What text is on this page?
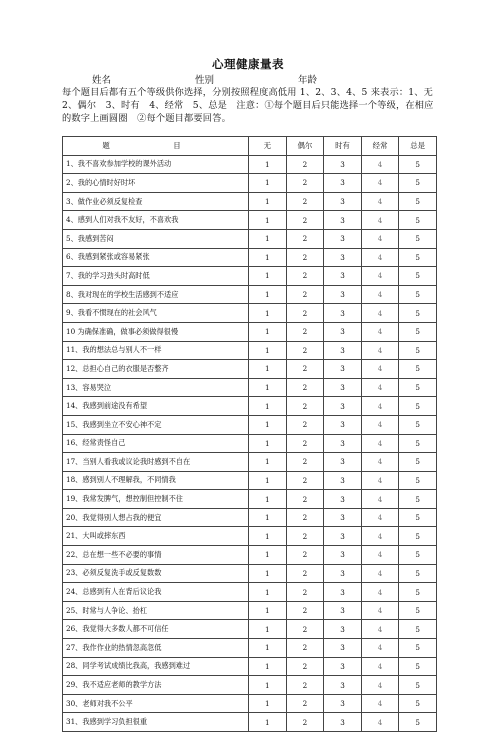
心理健康量表
姓名	性别	年龄
每个题目后都有五个等级供你选择，分别按照程度高低用 1、2、3、4、5 来表示：1、无　2、偶尔　3、时有　4、经常　5、总是　注意：①每个题目后只能选择一个等级，在相应的数字上画圆圈　②每个题目都要回答。
题　目	无	偶尔	时有	经常	总是
1、我不喜欢参加学校的课外活动	1	2	3	4	5
2、我的心情时好时坏	1	2	3	4	5
3、做作业必须反复检查	1	2	3	4	5
4、感到人们对我不友好，不喜欢我	1	2	3	4	5
5、我感到苦闷	1	2	3	4	5
6、我感到紧张或容易紧张	1	2	3	4	5
7、我的学习劲头时高时低	1	2	3	4	5
8、我对现在的学校生活感到不适应	1	2	3	4	5
9、我看不惯现在的社会风气	1	2	3	4	5
10 为确保准确，做事必须做得很慢	1	2	3	4	5
11、我的想法总与别人不一样	1	2	3	4	5
12、总担心自己的衣服是否整齐	1	2	3	4	5
13、容易哭泣	1	2	3	4	5
14、我感到前途没有希望	1	2	3	4	5
15、我感到坐立不安心神不定	1	2	3	4	5
16、经常责怪自己	1	2	3	4	5
17、当别人看我或议论我时感到不自在	1	2	3	4	5
18、感到别人不理解我，不同情我	1	2	3	4	5
19、我常发脾气，想控制但控制不住	1	2	3	4	5
20、我觉得别人想占我的便宜	1	2	3	4	5
21、大叫或摔东西	1	2	3	4	5
22、总在想一些不必要的事情	1	2	3	4	5
23、必须反复洗手或反复数数	1	2	3	4	5
24、总感到有人在背后议论我	1	2	3	4	5
25、时常与人争论、抬杠	1	2	3	4	5
26、我觉得大多数人都不可信任	1	2	3	4	5
27、我作作业的热情忽高忽低	1	2	3	4	5
28、同学考试成绩比我高，我感到难过	1	2	3	4	5
29、我不适应老师的教学方法	1	2	3	4	5
30、老师对我不公平	1	2	3	4	5
31、我感到学习负担很重	1	2	3	4	5
